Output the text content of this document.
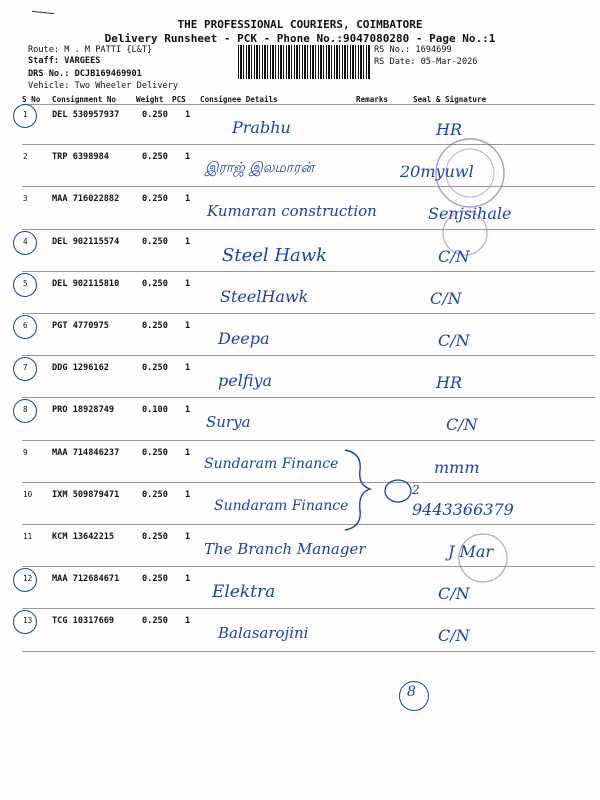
THE PROFESSIONAL COURIERS, COIMBATORE
Delivery Runsheet - PCK - Phone No.:9047080280 - Page No.:1
Route: M . M PATTI {L&T}
Staff: VARGEES
DRS No.: DCJB169469901
Vehicle: Two Wheeler Delivery
RS No.: 1694699
RS Date: 05-Mar-2026
S No Consignment No	Weight PCS Consignee Details	Remarks	Seal & Signature
1	DEL 530957937	0.250 1
Prabhu	HR
2	TRP 6398984	0.250 1
இராஜ் இலமாரன்	20myuwl
3	MAA 716022882	0.250 1
Kumaran construction	Senjsihale
4	DEL 902115574	0.250 1
Steel Hawk	C/N
5	DEL 902115810	0.250 1
SteelHawk	C/N
6	PGT 4770975	0.250 1
Deepa	C/N
7	DDG 1296162	0.250 1
pelfiya	HR
8	PRO 18928749	0.100 1
Surya	C/N
9	MAA 714846237	0.250 1
Sundaram Finance	mmm
10 IXM 509879471	0.250 1
Sundaram Finance	9443366379
11 KCM 13642215	0.250 1
The Branch Manager	J Mar
12 MAA 712684671	0.250 1
Elektra	C/N
13 TCG 10317669	0.250 1
Balasarojini	C/N
2
8
